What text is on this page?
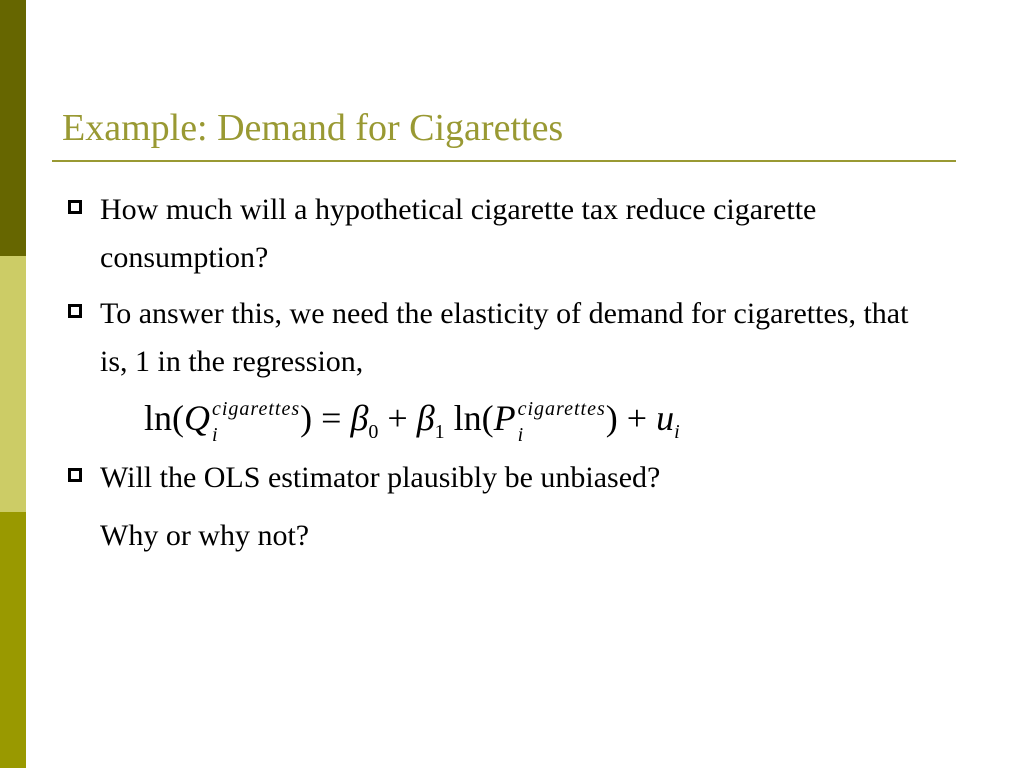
Example: Demand for Cigarettes
How much will a hypothetical cigarette tax reduce cigarette consumption?
To answer this, we need the elasticity of demand for cigarettes, that is, 1 in the regression,
ln(Q cigarettes
i	) = $\beta_0 + \beta_1$ ln(P cigarettes
i	) + $u_i$
Will the OLS estimator plausibly be unbiased?
Why or why not?
